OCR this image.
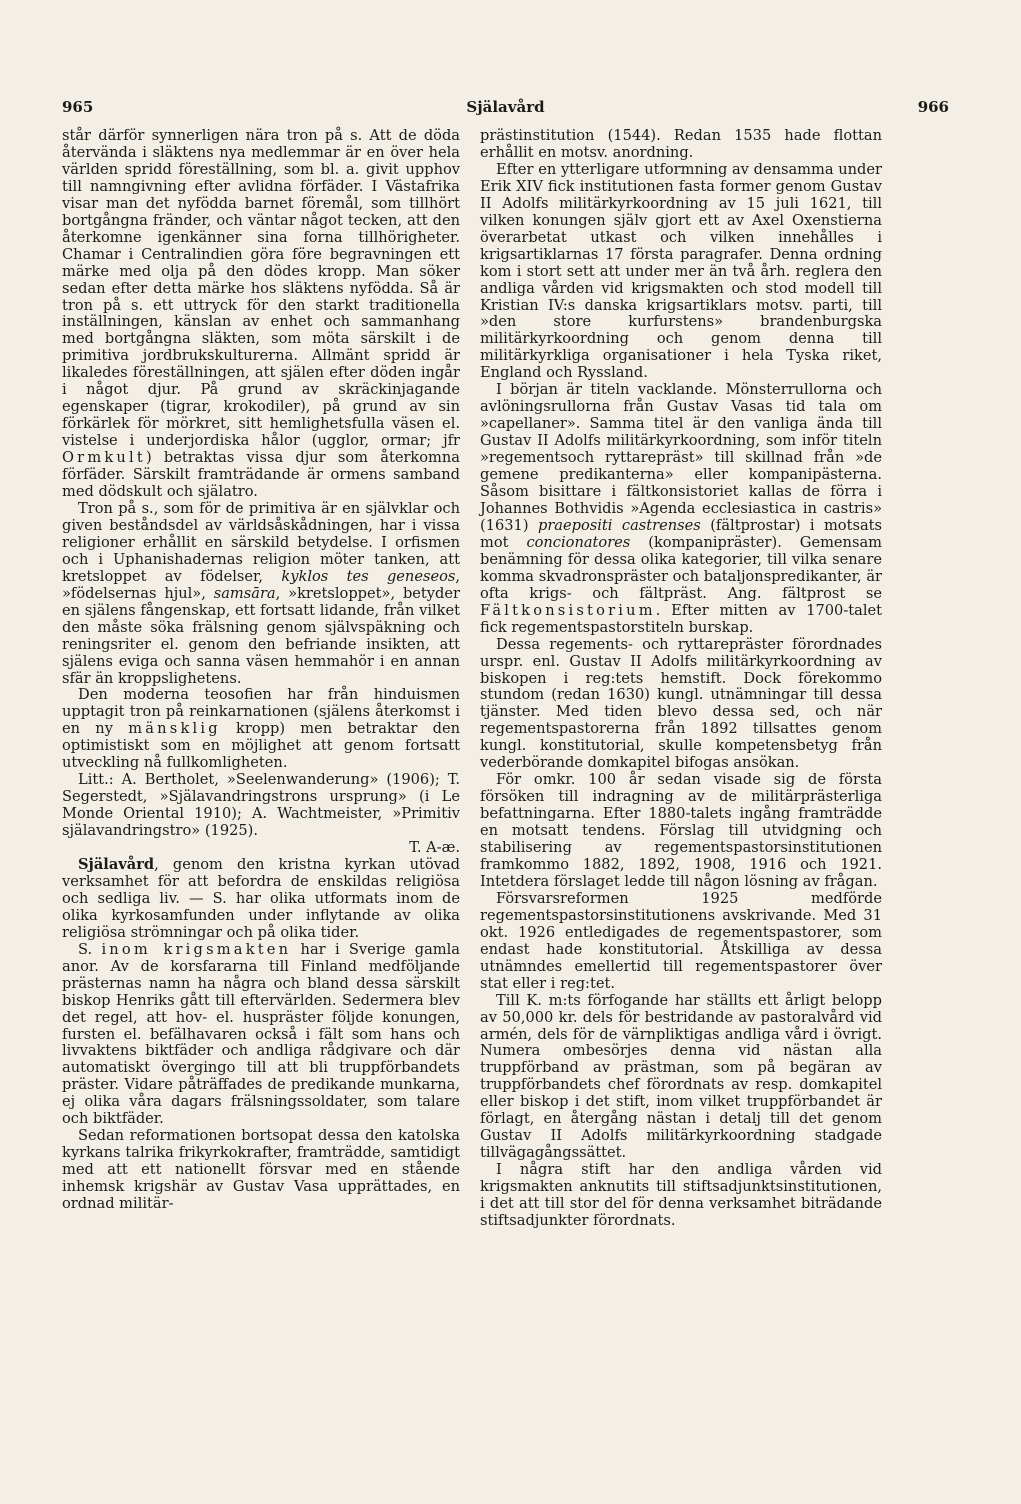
965	Själavård	966

står därför synnerligen nära tron på s. Att de döda återvända i släktens nya medlemmar är en över hela världen spridd föreställning, som bl. a. givit upphov till namngivning efter avlidna förfäder. I Västafrika visar man det nyfödda barnet föremål, som tillhört bortgångna fränder, och väntar något tecken, att den återkomne igenkänner sina forna tillhörigheter. Chamar i Centralindien göra före begravningen ett märke med olja på den dödes kropp. Man söker sedan efter detta märke hos släktens nyfödda. Så är tron på s. ett uttryck för den starkt traditionella inställningen, känslan av enhet och sammanhang med bortgångna släkten, som möta särskilt i de primitiva jordbrukskulturerna. Allmänt spridd är likaledes föreställningen, att själen efter döden ingår i något djur. På grund av skräckinjagande egenskaper (tigrar, krokodiler), på grund av sin förkärlek för mörkret, sitt hemlighetsfulla väsen el. vistelse i underjordiska hålor (ugglor, ormar; jfr Ormkult) betraktas vissa djur som återkomna förfäder. Särskilt framträdande är ormens samband med dödskult och själatro.

Tron på s., som för de primitiva är en självklar och given beståndsdel av världsåskådningen, har i vissa religioner erhållit en särskild betydelse. I orfismen och i Uphanishadernas religion möter tanken, att kretsloppet av födelser, kyklos tes geneseos, »födelsernas hjul», samsāra, »kretsloppet», betyder en själens fångenskap, ett fortsatt lidande, från vilket den måste söka frälsning genom självspäkning och reningsriter el. genom den befriande insikten, att själens eviga och sanna väsen hemmahör i en annan sfär än kroppslighetens.

Den moderna teosofien har från hinduismen upptagit tron på reinkarnationen (själens återkomst i en ny mänsklig kropp) men betraktar den optimistiskt som en möjlighet att genom fortsatt utveckling nå fullkomligheten.

Litt.: A. Bertholet, »Seelenwanderung» (1906); T. Segerstedt, »Själavandringstrons ursprung» (i Le Monde Oriental 1910); A. Wachtmeister, »Primitiv själavandringstro» (1925).

T. A-æ.

Själavård, genom den kristna kyrkan utövad verksamhet för att befordra de enskildas religiösa och sedliga liv. — S. har olika utformats inom de olika kyrkosamfunden under inflytande av olika religiösa strömningar och på olika tider.

S. inom krigsmakten har i Sverige gamla anor. Av de korsfararna till Finland medföljande prästernas namn ha några och bland dessa särskilt biskop Henriks gått till eftervärlden. Sedermera blev det regel, att hov- el. huspräster följde konungen, fursten el. befälhavaren också i fält som hans och livvaktens biktfäder och andliga rådgivare och där automatiskt övergingo till att bli truppförbandets präster. Vidare påträffades de predikande munkarna, ej olika våra dagars frälsningssoldater, som talare och biktfäder.

Sedan reformationen bortsopat dessa den katolska kyrkans talrika frikyrkokrafter, framträdde, samtidigt med att ett nationellt försvar med en stående inhemsk krigshär av Gustav Vasa upprättades, en ordnad militär-

prästinstitution (1544). Redan 1535 hade flottan erhållit en motsv. anordning.

Efter en ytterligare utformning av densamma under Erik XIV fick institutionen fasta former genom Gustav II Adolfs militärkyrkoordning av 15 juli 1621, till vilken konungen själv gjort ett av Axel Oxenstierna överarbetat utkast och vilken innehålles i krigsartiklarnas 17 första paragrafer. Denna ordning kom i stort sett att under mer än två årh. reglera den andliga vården vid krigsmakten och stod modell till Kristian IV:s danska krigsartiklars motsv. parti, till »den store kurfurstens» brandenburgska militärkyrkoordning och genom denna till militärkyrkliga organisationer i hela Tyska riket, England och Ryssland.

I början är titeln vacklande. Mönsterrullorna och avlöningsrullorna från Gustav Vasas tid tala om »capellaner». Samma titel är den vanliga ända till Gustav II Adolfs militärkyrkoordning, som inför titeln »regementsoch ryttarepräst» till skillnad från »de gemene predikanterna» eller kompanipästerna. Såsom bisittare i fältkonsistoriet kallas de förra i Johannes Bothvidis »Agenda ecclesiastica in castris» (1631) praepositi castrenses (fältprostar) i motsats mot concionatores (kompanipräster). Gemensam benämning för dessa olika kategorier, till vilka senare komma skvadronspräster och bataljonspredikanter, är ofta krigs- och fältpräst. Ang. fältprost se Fältkonsistorium. Efter mitten av 1700-talet fick regementspastorstiteln burskap.

Dessa regements- och ryttarepräster förordnades urspr. enl. Gustav II Adolfs militärkyrkoordning av biskopen i reg:tets hemstift. Dock förekommo stundom (redan 1630) kungl. utnämningar till dessa tjänster. Med tiden blevo dessa sed, och när regementspastorerna från 1892 tillsattes genom kungl. konstitutorial, skulle kompetensbetyg från vederbörande domkapitel bifogas ansökan.

För omkr. 100 år sedan visade sig de första försöken till indragning av de militärprästerliga befattningarna. Efter 1880-talets ingång framträdde en motsatt tendens. Förslag till utvidgning och stabilisering av regementspastorsinstitutionen framkommo 1882, 1892, 1908, 1916 och 1921. Intetdera förslaget ledde till någon lösning av frågan.

Försvarsreformen 1925 medförde regementspastorsinstitutionens avskrivande. Med 31 okt. 1926 entledigades de regementspastorer, som endast hade konstitutorial. Åtskilliga av dessa utnämndes emellertid till regementspastorer över stat eller i reg:tet.

Till K. m:ts förfogande har ställts ett årligt belopp av 50,000 kr. dels för bestridande av pastoralvård vid armén, dels för de värnpliktigas andliga vård i övrigt. Numera ombesörjes denna vid nästan alla truppförband av prästman, som på begäran av truppförbandets chef förordnats av resp. domkapitel eller biskop i det stift, inom vilket truppförbandet är förlagt, en återgång nästan i detalj till det genom Gustav II Adolfs militärkyrkoordning stadgade tillvägagångssättet.

I några stift har den andliga vården vid krigsmakten anknutits till stiftsadjunktsinstitutionen, i det att till stor del för denna verksamhet biträdande stiftsadjunkter förordnats.
